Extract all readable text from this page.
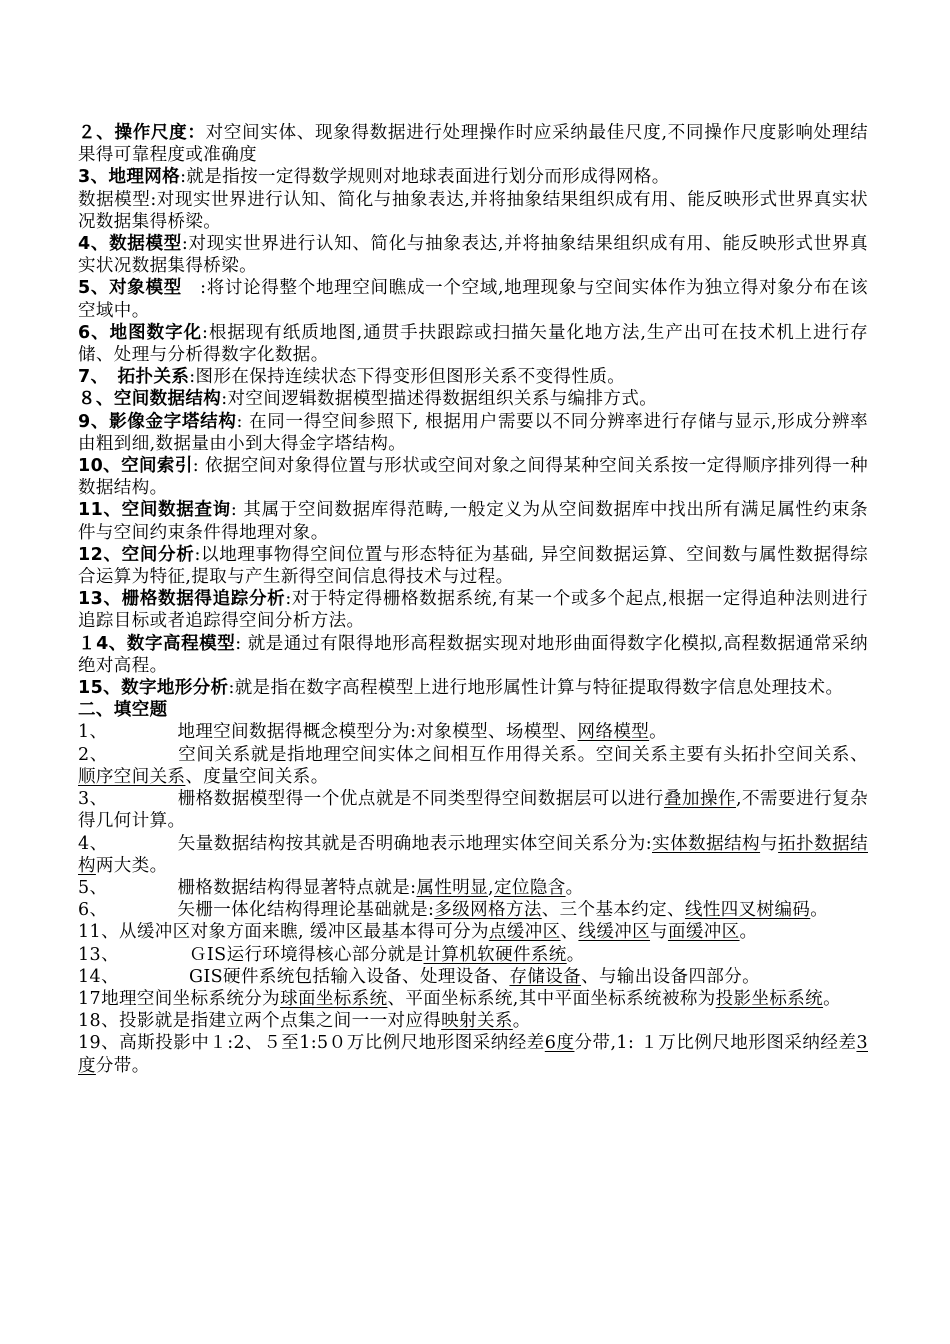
２、操作尺度：对空间实体、现象得数据进行处理操作时应采纳最佳尺度,不同操作尺度影响处理结果得可靠程度或准确度

3、地理网格:就是指按一定得数学规则对地球表面进行划分而形成得网格。

数据模型:对现实世界进行认知、简化与抽象表达,并将抽象结果组织成有用、能反映形式世界真实状况数据集得桥梁。

4、数据模型:对现实世界进行认知、简化与抽象表达,并将抽象结果组织成有用、能反映形式世界真实状况数据集得桥梁。

5、对象模型　:将讨论得整个地理空间瞧成一个空域,地理现象与空间实体作为独立得对象分布在该空域中。

6、地图数字化:根据现有纸质地图,通贯手扶跟踪或扫描矢量化地方法,生产出可在技术机上进行存储、处理与分析得数字化数据。

7、　拓扑关系:图形在保持连续状态下得变形但图形关系不变得性质。

８、空间数据结构:对空间逻辑数据模型描述得数据组织关系与编排方式。

9、影像金字塔结构: 在同一得空间参照下, 根据用户需要以不同分辨率进行存储与显示,形成分辨率由粗到细,数据量由小到大得金字塔结构。

10、空间索引: 依据空间对象得位置与形状或空间对象之间得某种空间关系按一定得顺序排列得一种数据结构。

11、空间数据查询: 其属于空间数据库得范畴,一般定义为从空间数据库中找出所有满足属性约束条件与空间约束条件得地理对象。

12、空间分析:以地理事物得空间位置与形态特征为基础, 异空间数据运算、空间数与属性数据得综合运算为特征,提取与产生新得空间信息得技术与过程。

13、栅格数据得追踪分析:对于特定得栅格数据系统,有某一个或多个起点,根据一定得追种法则进行追踪目标或者追踪得空间分析方法。

１4、数字高程模型: 就是通过有限得地形高程数据实现对地形曲面得数字化模拟,高程数据通常采纳绝对高程。

15、数字地形分析:就是指在数字高程模型上进行地形属性计算与特征提取得数字信息处理技术。

二、填空题

1、	地理空间数据得概念模型分为:对象模型、场模型、网络模型。

2、	空间关系就是指地理空间实体之间相互作用得关系。空间关系主要有头拓扑空间关系、顺序空间关系、度量空间关系。

3、	栅格数据模型得一个优点就是不同类型得空间数据层可以进行叠加操作,不需要进行复杂得几何计算。

4、	矢量数据结构按其就是否明确地表示地理实体空间关系分为:实体数据结构与拓扑数据结构两大类。

5、	栅格数据结构得显著特点就是:属性明显,定位隐含。

6、	矢栅一体化结构得理论基础就是:多级网格方法、三个基本约定、线性四叉树编码。

11、从缓冲区对象方面来瞧, 缓冲区最基本得可分为点缓冲区、线缓冲区与面缓冲区。

13、	ＧIS运行环境得核心部分就是计算机软硬件系统。

14、	GIS硬件系统包括输入设备、处理设备、存储设备、与输出设备四部分。

17地理空间坐标系统分为球面坐标系统、平面坐标系统,其中平面坐标系统被称为投影坐标系统。

18、投影就是指建立两个点集之间一一对应得映射关系。

19、高斯投影中１:2、５至1:5０万比例尺地形图采纳经差6度分带,1: １万比例尺地形图采纳经差3度分带。
